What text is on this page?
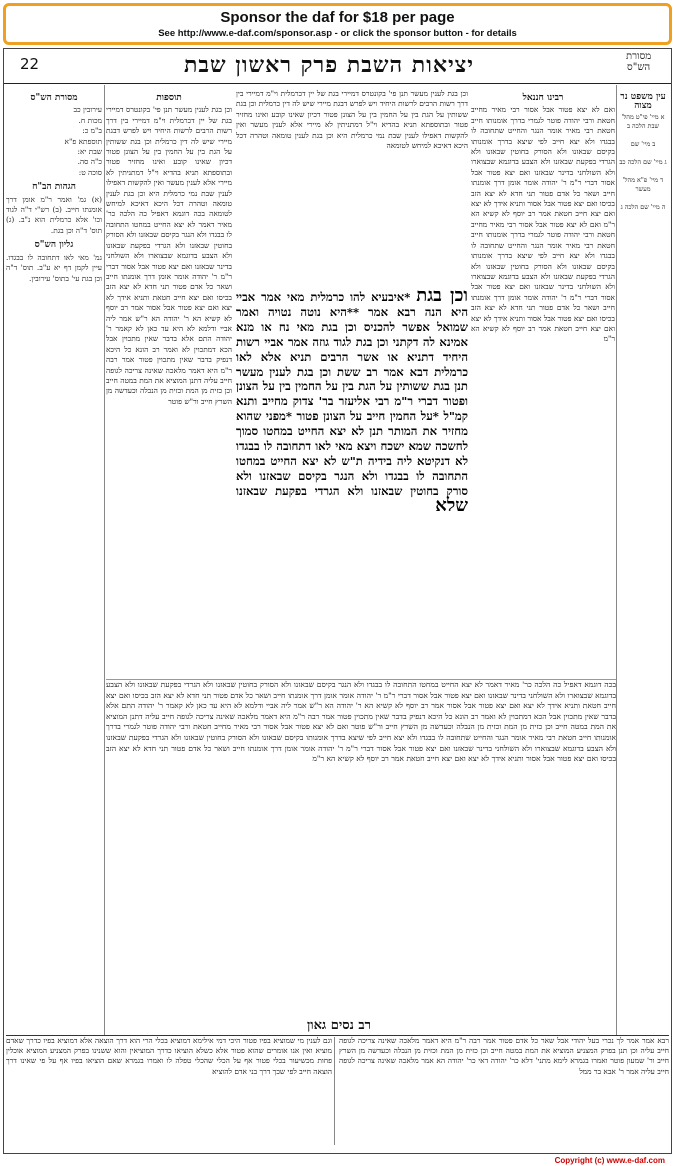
Sponsor the daf for $18 per page
See http://www.e-daf.com/sponsor.asp - or click the sponsor button - for details
22	מסורת
הש"ס
יציאות השבת פרק ראשון שבת
עין משפט נר מצוה
א מיי' פי"ט מהל' שבת הלכה ב

ב מיי' שם

ג מיי' שם הלכה כב

ד מיי' פ"א מהל' מעשר

ה מיי' שם הלכה ג
רבינו חננאל
ואם לא יצא פטור אבל אסור רבי מאיר מחייב חטאת ורבי יהודה פוטר לגמרי בדרך אומנותו חייב חטאת רבי מאיר אומר הנגר והחייט שתחובה לו בבגדו ולא יצא חייב לפי שיצא בדרך אומנותו בקיסם שבאזנו ולא הסורק בחוטין שבאזנו ולא הגרדי בפקעת שבאזנו ולא הצבע בדוגמא שבצוארו ולא השולחני בדינר שבאזנו ואם יצא פטור אבל אסור דברי ר"מ ר' יהודה אומר אומן דרך אומנתו חייב ושאר כל אדם פטור תני חדא לא יצא הזב בכיסו ואם יצא פטור אבל אסור ותניא אידך לא יצא ואם יצא חייב חטאת אמר רב יוסף לא קשיא הא ר"מ ואם לא יצא פטור אבל אסור רבי מאיר מחייב חטאת ורבי יהודה פוטר לגמרי בדרך אומנותו חייב חטאת רבי מאיר אומר הנגר והחייט שתחובה לו בבגדו ולא יצא חייב לפי שיצא בדרך אומנותו בקיסם שבאזנו ולא הסורק בחוטין שבאזנו ולא הגרדי בפקעת שבאזנו ולא הצבע בדוגמא שבצוארו ולא השולחני בדינר שבאזנו ואם יצא פטור אבל אסור דברי ר"מ ר' יהודה אומר אומן דרך אומנתו חייב ושאר כל אדם פטור תני חדא לא יצא הזב בכיסו ואם יצא פטור אבל אסור ותניא אידך לא יצא ואם יצא חייב חטאת אמר רב יוסף לא קשיא הא ר"מ
וכן בגת לענין מעשר תנן פי' בקונטרס דמיירי בגת של יין דכרמלית וי"מ דמיירי בין דרך רשות הרבים לרשות היחיד ויש לפרש דבגת מיירי שיש לה דין כרמלית וכן בגת ששותין על הגת בין על החמין בין על הצונן פטור דכיון שאינו קובע ואינו מחזיר פטור ובתוספתא תניא בהדיא וי"ל דמתניתין לא מיירי אלא לענין מעשר ואין להקשות דאפילו לענין שבת נמי כרמלית היא וכן בגת לענין טומאה וטהרה דכל היכא דאיכא למיחש לטומאה
וכן בגת *איבעיא להו כרמלית מאי אמר אביי היא הנה רבא אמר **היא נוטה נטויה ואמר שמואל אפשר להכניס וכן בגת מאי נח או מנא אמינא לה דקתני וכן בגת לגוד גוזה אמר אביי רשות היחיד דתניא או אשר הרבים תניא אלא לאו כרמלית דבא אמר רב ששת וכן בגת לענין מעשר תנן בגת ששותין על הגת בין על החמין בין על הצונן ופטור דברי ר"מ רבי אליעזר בר' צדוק מחייב ותנא קמ"ל *על החמין חייב על הצונן פטור *מפני שהוא מחזיר את המותר תנן לא יצא החייט במחטו סמוך לחשכה שמא ישכח ויצא מאי לאו דתחובה לו בבגדו לא דנקיטא ליה בידיה ת"ש לא יצא החייט במחטו התחובה לו בבגדו ולא הנגר בקיסם שבאזנו ולא סורק בחוטין שבאזנו ולא הגרדי בפקעת שבאזנו שלא
תוספות
וכן בגת לענין מעשר תנן פי' בקונטרס דמיירי בגת של יין דכרמלית וי"מ דמיירי בין דרך רשות הרבים לרשות היחיד ויש לפרש דבגת מיירי שיש לה דין כרמלית וכן בגת ששותין על הגת בין על החמין בין על הצונן פטור דכיון שאינו קובע ואינו מחזיר פטור ובתוספתא תניא בהדיא וי"ל דמתניתין לא מיירי אלא לענין מעשר ואין להקשות דאפילו לענין שבת נמי כרמלית היא וכן בגת לענין טומאה וטהרה דכל היכא דאיכא למיחש לטומאה בכה דוגמא דאפיל כה הלכה כר' מאיר דאמר לא יצא החייט במחטו התחובה לו בבגדו ולא הנגר בקיסם שבאזנו ולא הסורק בחוטין שבאזנו ולא הגרדי בפקעת שבאזנו ולא הצבע בדוגמא שבצוארו ולא השולחני בדינר שבאזנו ואם יצא פטור אבל אסור דברי ר"מ ר' יהודה אומר אומן דרך אומנתו חייב ושאר כל אדם פטור תני חדא לא יצא הזב בכיסו ואם יצא חייב חטאת ותניא אידך לא יצא ואם יצא פטור אבל אסור אמר רב יוסף לא קשיא הא ר' יהודה הא ר"ש אמר ליה אביי ודלמא לא היא עד כאן לא קאמר ר' יהודה התם אלא בדבר שאין מתכוין אבל הכא דמתכוין לא ואמר רב הונא כל היכא דנפיק בדבר שאין מתכוין פטור אמר רבה ר"מ היא דאמר מלאכה שאינה צריכה לגופה חייב עליה דתנן המוציא את המת במטה חייב וכן כזית מן המת וכזית מן הנבלה וכעדשה מן השרץ חייב ור"ש פוטר
מסורת הש"ס
עירובין כב
מכות ח.
ב"מ כ:
תוספתא פ"א
שבת יא:
כ"ה סה.
סוכה ט:
הגהות הב"ח
(א) גמ' ואמר ר"מ אומן דרך אומנתו חייב. (ב) רש"י ד"ה לגוד וכו' אלא כרמלית הוא נ"ב. (ג) תוס' ד"ה וכן בגת.
גליון הש"ס
גמ' מאי לאו דתחובה לו בבגדו. עיין לקמן דף יא ע"ב. תוס' ד"ה וכן בגת עי' בתוס' עירובין.
בכה דוגמא דאפיל כה הלכה כר' מאיר דאמר לא יצא החייט במחטו התחובה לו בבגדו ולא הנגר בקיסם שבאזנו ולא הסורק בחוטין שבאזנו ולא הגרדי בפקעת שבאזנו ולא הצבע בדוגמא שבצוארו ולא השולחני בדינר שבאזנו ואם יצא פטור אבל אסור דברי ר"מ ר' יהודה אומר אומן דרך אומנתו חייב ושאר כל אדם פטור תני חדא לא יצא הזב בכיסו ואם יצא חייב חטאת ותניא אידך לא יצא ואם יצא פטור אבל אסור אמר רב יוסף לא קשיא הא ר' יהודה הא ר"ש אמר ליה אביי ודלמא לא היא עד כאן לא קאמר ר' יהודה התם אלא בדבר שאין מתכוין אבל הכא דמתכוין לא ואמר רב הונא כל היכא דנפיק בדבר שאין מתכוין פטור אמר רבה ר"מ היא דאמר מלאכה שאינה צריכה לגופה חייב עליה דתנן המוציא את המת במטה חייב וכן כזית מן המת וכזית מן הנבלה וכעדשה מן השרץ חייב ור"ש פוטר ואם לא יצא פטור אבל אסור רבי מאיר מחייב חטאת ורבי יהודה פוטר לגמרי בדרך אומנותו חייב חטאת רבי מאיר אומר הנגר והחייט שתחובה לו בבגדו ולא יצא חייב לפי שיצא בדרך אומנותו בקיסם שבאזנו ולא הסורק בחוטין שבאזנו ולא הגרדי בפקעת שבאזנו ולא הצבע בדוגמא שבצוארו ולא השולחני בדינר שבאזנו ואם יצא פטור אבל אסור דברי ר"מ ר' יהודה אומר אומן דרך אומנתו חייב ושאר כל אדם פטור תני חדא לא יצא הזב בכיסו ואם יצא פטור אבל אסור ותניא אידך לא יצא ואם יצא חייב חטאת אמר רב יוסף לא קשיא הא ר"מ
רב נסים גאון
רבא אמר אמר לך נכרי בעל יהודי אבל שאר כל אדם פטור אמר רבה ר"מ היא דאמר מלאכה שאינה צריכה לגופה חייב עליה וכן תנן בפרק המצניע המוציא את המת במטה חייב וכן כזית מן המת וכזית מן הנבלה וכעדשה מן השרץ חייב ור' שמעון פוטר ואמרו בגמרא לימא מתני' דלא כר' יהודה דאי כר' יהודה הא אמר מלאכה שאינה צריכה לגופה חייב עליה אמר ר' אבא בר ממל
וגם לענין מי שמוציא בפיו פטור היכי דמי אילימא דמוציא בכלי הרי הוא דרך הוצאה אלא דמוציא בפיו כדרך שאדם מוציא ואין אנו אומרים שהוא פטור אלא כשלא הוציאו כדרך המוציאין והוא ששנינו בפרק המצניע המוציא אוכלין פחות מכשיעור בכלי פטור אף על הכלי שהכלי טפלה לו ואמרו בגמרא שאם הוציאו בפיו אף על פי שאינו דרך הוצאה חייב לפי שכך דרך בני אדם להוציא
Copyright (c) www.e-daf.com
